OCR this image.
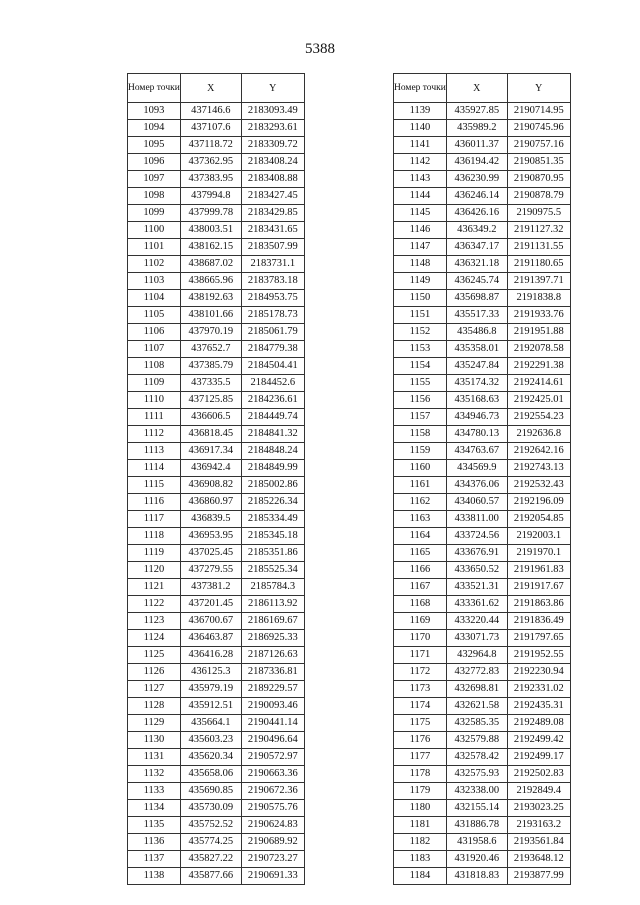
5388
Номер точки	X	Y
1093	437146.6	2183093.49
1094	437107.6	2183293.61
1095	437118.72	2183309.72
1096	437362.95	2183408.24
1097	437383.95	2183408.88
1098	437994.8	2183427.45
1099	437999.78	2183429.85
1100	438003.51	2183431.65
1101	438162.15	2183507.99
1102	438687.02	2183731.1
1103	438665.96	2183783.18
1104	438192.63	2184953.75
1105	438101.66	2185178.73
1106	437970.19	2185061.79
1107	437652.7	2184779.38
1108	437385.79	2184504.41
1109	437335.5	2184452.6
1110	437125.85	2184236.61
1111	436606.5	2184449.74
1112	436818.45	2184841.32
1113	436917.34	2184848.24
1114	436942.4	2184849.99
1115	436908.82	2185002.86
1116	436860.97	2185226.34
1117	436839.5	2185334.49
1118	436953.95	2185345.18
1119	437025.45	2185351.86
1120	437279.55	2185525.34
1121	437381.2	2185784.3
1122	437201.45	2186113.92
1123	436700.67	2186169.67
1124	436463.87	2186925.33
1125	436416.28	2187126.63
1126	436125.3	2187336.81
1127	435979.19	2189229.57
1128	435912.51	2190093.46
1129	435664.1	2190441.14
1130	435603.23	2190496.64
1131	435620.34	2190572.97
1132	435658.06	2190663.36
1133	435690.85	2190672.36
1134	435730.09	2190575.76
1135	435752.52	2190624.83
1136	435774.25	2190689.92
1137	435827.22	2190723.27
1138	435877.66	2190691.33
Номер точки	X	Y
1139	435927.85	2190714.95
1140	435989.2	2190745.96
1141	436011.37	2190757.16
1142	436194.42	2190851.35
1143	436230.99	2190870.95
1144	436246.14	2190878.79
1145	436426.16	2190975.5
1146	436349.2	2191127.32
1147	436347.17	2191131.55
1148	436321.18	2191180.65
1149	436245.74	2191397.71
1150	435698.87	2191838.8
1151	435517.33	2191933.76
1152	435486.8	2191951.88
1153	435358.01	2192078.58
1154	435247.84	2192291.38
1155	435174.32	2192414.61
1156	435168.63	2192425.01
1157	434946.73	2192554.23
1158	434780.13	2192636.8
1159	434763.67	2192642.16
1160	434569.9	2192743.13
1161	434376.06	2192532.43
1162	434060.57	2192196.09
1163	433811.00	2192054.85
1164	433724.56	2192003.1
1165	433676.91	2191970.1
1166	433650.52	2191961.83
1167	433521.31	2191917.67
1168	433361.62	2191863.86
1169	433220.44	2191836.49
1170	433071.73	2191797.65
1171	432964.8	2191952.55
1172	432772.83	2192230.94
1173	432698.81	2192331.02
1174	432621.58	2192435.31
1175	432585.35	2192489.08
1176	432579.88	2192499.42
1177	432578.42	2192499.17
1178	432575.93	2192502.83
1179	432338.00	2192849.4
1180	432155.14	2193023.25
1181	431886.78	2193163.2
1182	431958.6	2193561.84
1183	431920.46	2193648.12
1184	431818.83	2193877.99
